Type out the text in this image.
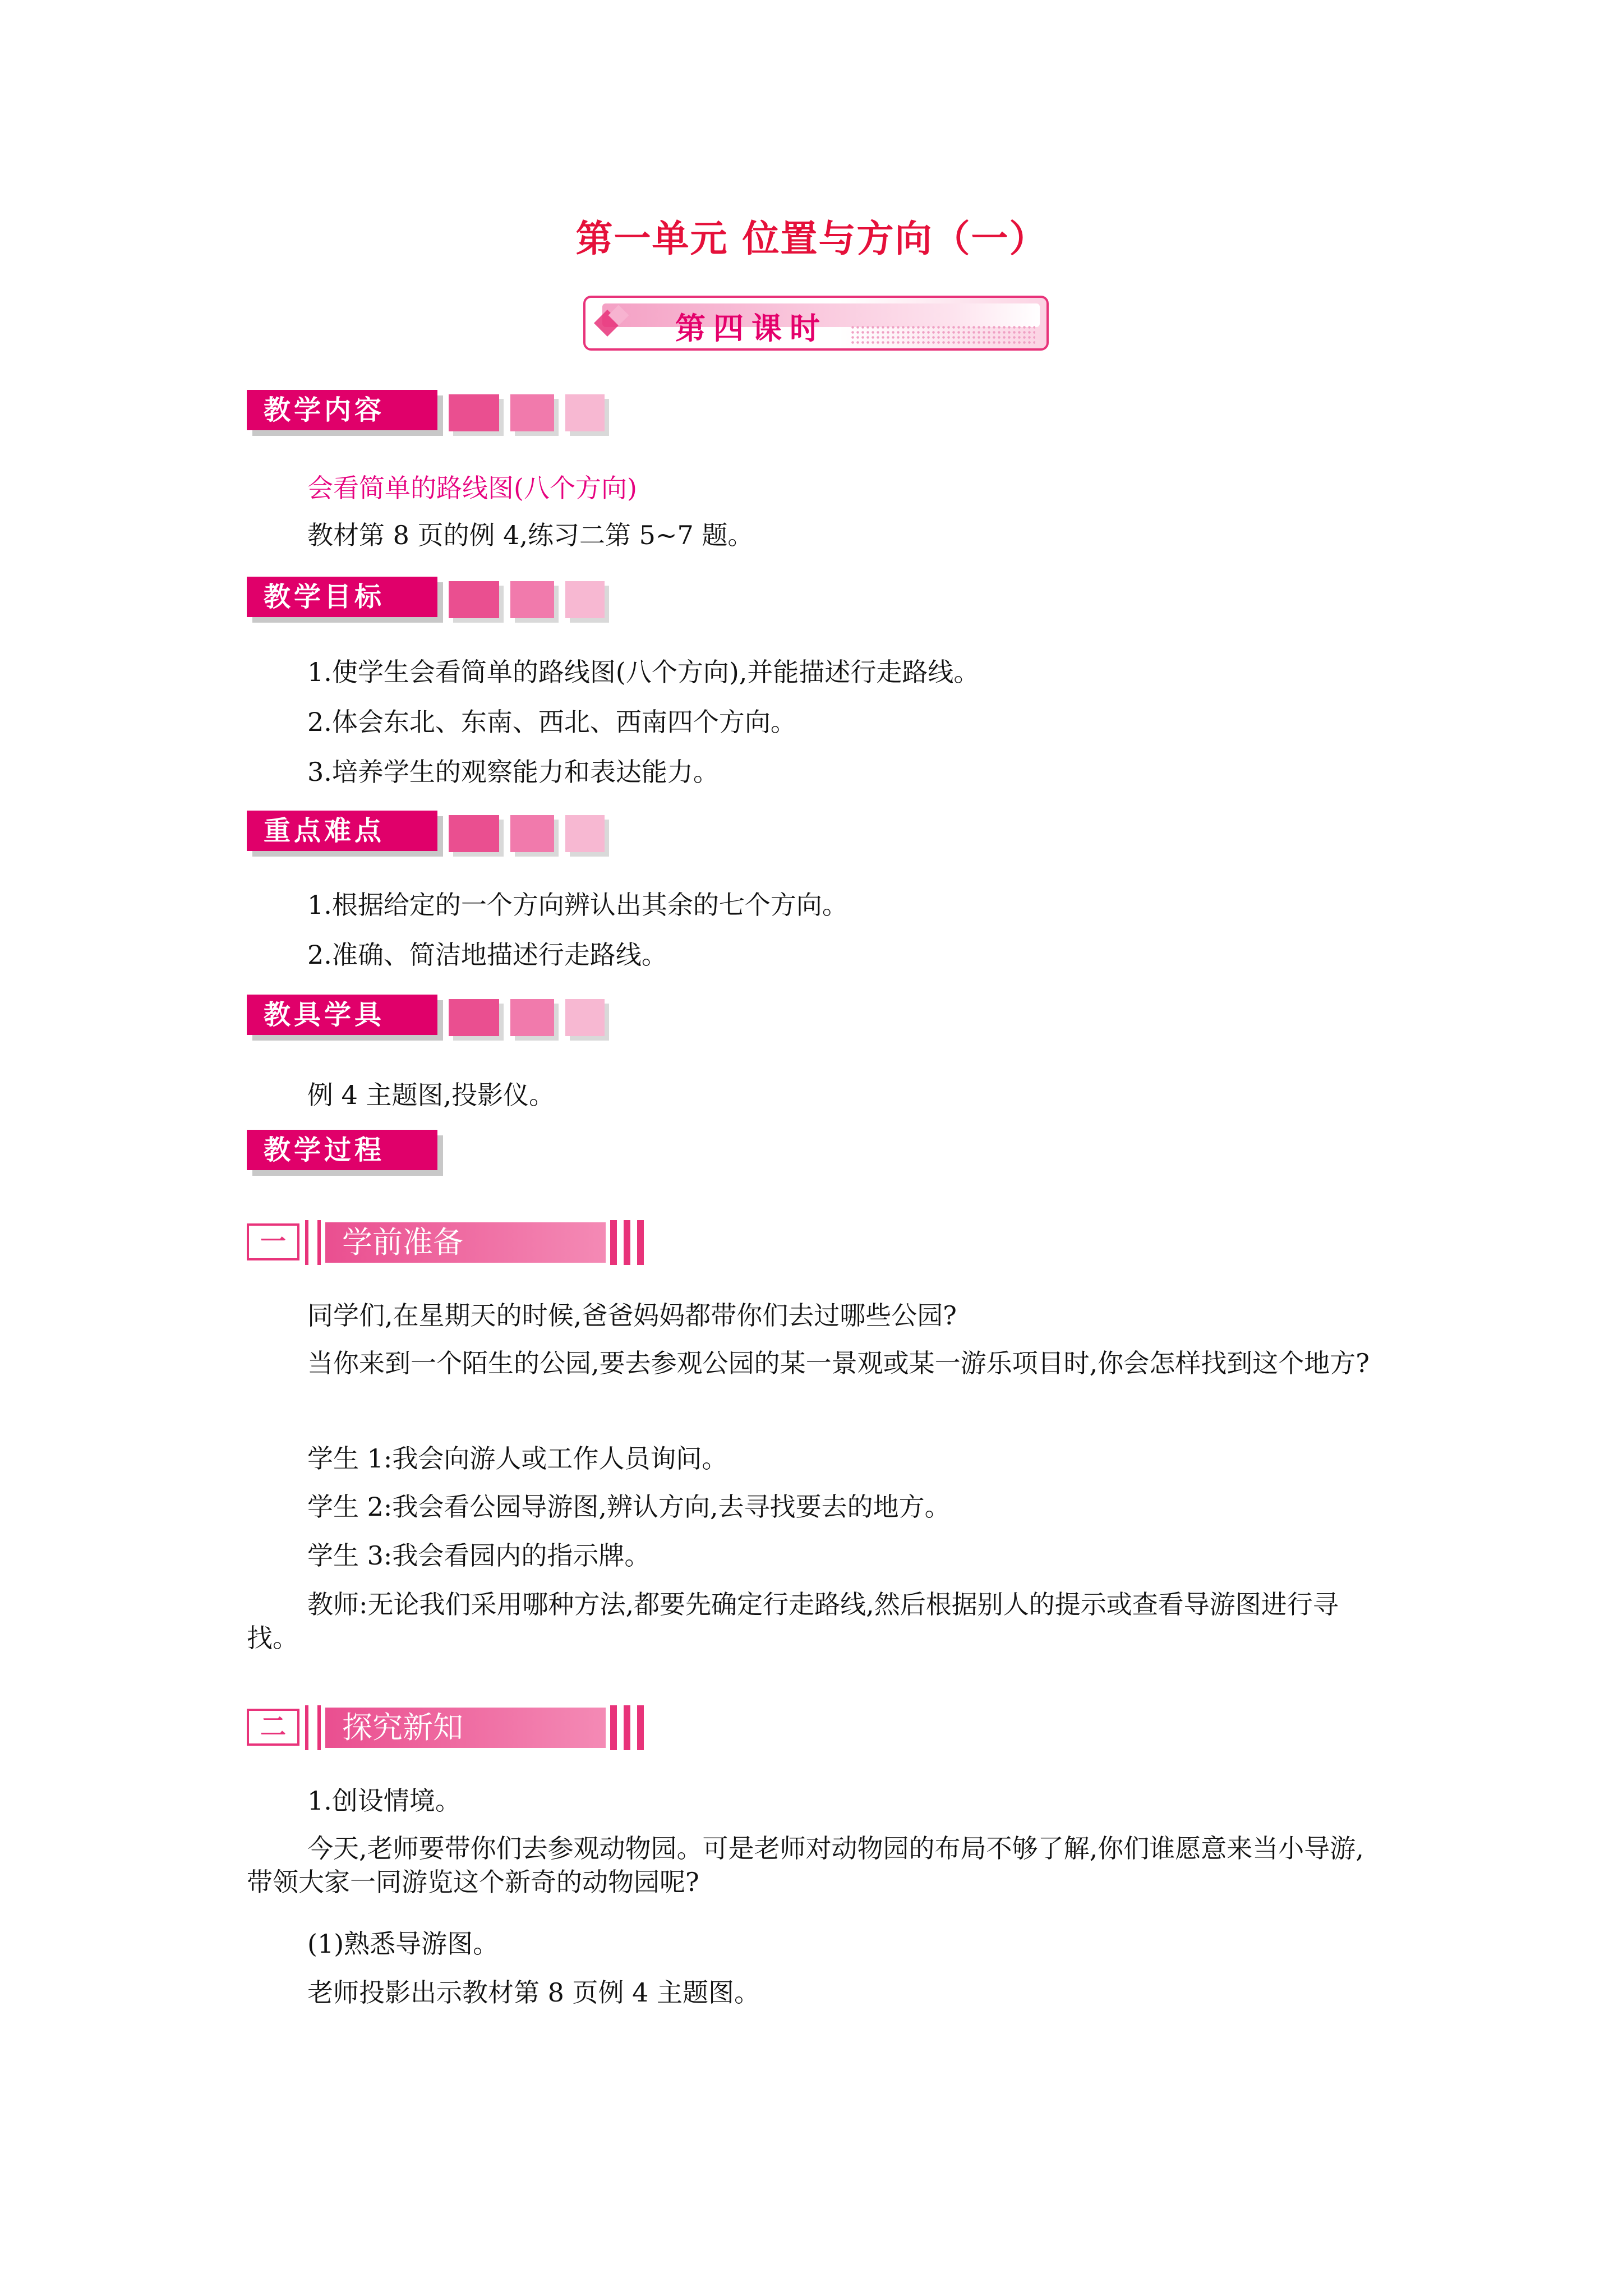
第一单元 位置与方向（一）
第四课时
教学内容
会看简单的路线图(八个方向)
教材第 8 页的例 4,练习二第 5~7 题。
教学目标
1.使学生会看简单的路线图(八个方向),并能描述行走路线。
2.体会东北、东南、西北、西南四个方向。
3.培养学生的观察能力和表达能力。
重点难点
1.根据给定的一个方向辨认出其余的七个方向。
2.准确、简洁地描述行走路线。
教具学具
例 4 主题图,投影仪。
教学过程
一	学前准备
同学们,在星期天的时候,爸爸妈妈都带你们去过哪些公园?
当你来到一个陌生的公园,要去参观公园的某一景观或某一游乐项目时,你会怎样找到这个地方?
学生 1:我会向游人或工作人员询问。
学生 2:我会看公园导游图,辨认方向,去寻找要去的地方。
学生 3:我会看园内的指示牌。
教师:无论我们采用哪种方法,都要先确定行走路线,然后根据别人的提示或查看导游图进行寻找。
二	探究新知
1.创设情境。
今天,老师要带你们去参观动物园。可是老师对动物园的布局不够了解,你们谁愿意来当小导游,带领大家一同游览这个新奇的动物园呢?
(1)熟悉导游图。
老师投影出示教材第 8 页例 4 主题图。
